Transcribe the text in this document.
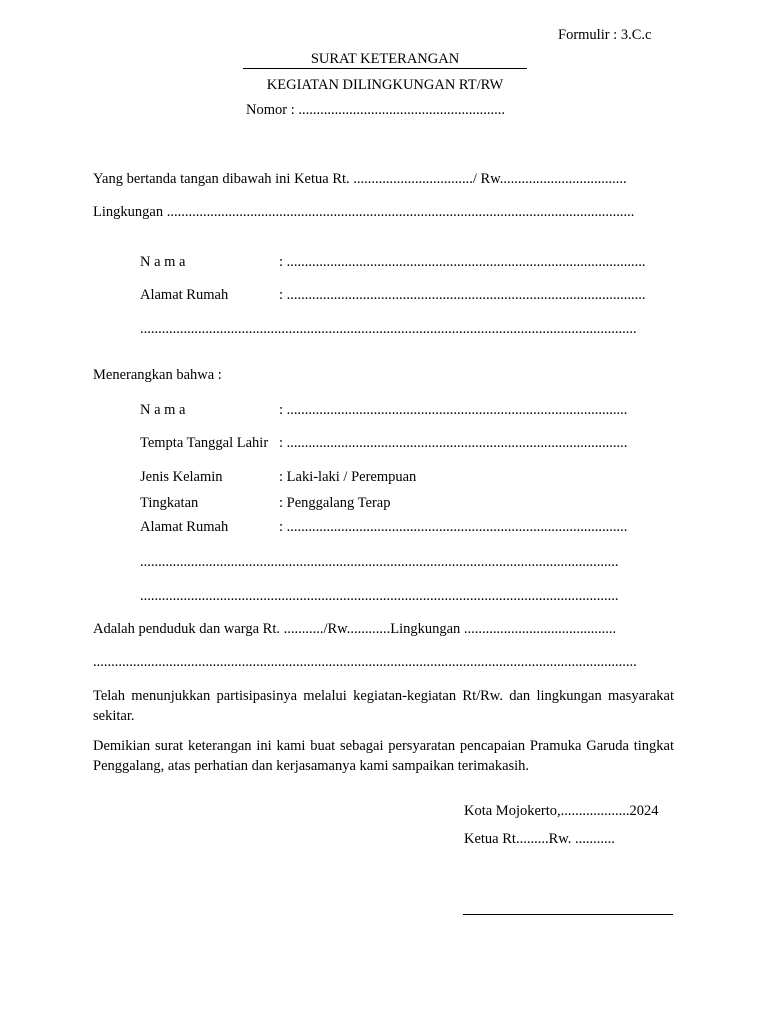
Formulir : 3.C.c
SURAT KETERANGAN
KEGIATAN DILINGKUNGAN RT/RW
Nomor : .........................................................
Yang bertanda tangan dibawah ini Ketua Rt. ................................./ Rw...................................
Lingkungan .................................................................................................................................
N a m a	: ...................................................................................................
Alamat Rumah	: ...................................................................................................
.........................................................................................................................................
Menerangkan bahwa :
N a m a	: ..............................................................................................
Tempta Tanggal Lahir : ..............................................................................................
Jenis Kelamin	: Laki-laki / Perempuan
Tingkatan	: Penggalang Terap
Alamat Rumah	: ..............................................................................................
....................................................................................................................................
....................................................................................................................................
Adalah penduduk dan warga Rt. .........../Rw............Lingkungan ..........................................
......................................................................................................................................................
Telah menunjukkan partisipasinya melalui kegiatan-kegiatan Rt/Rw. dan lingkungan masyarakat sekitar.
Demikian surat keterangan ini kami buat sebagai persyaratan pencapaian Pramuka Garuda tingkat Penggalang, atas perhatian dan kerjasamanya kami sampaikan terimakasih.
Kota Mojokerto,...................2024
Ketua Rt.........Rw. ...........
